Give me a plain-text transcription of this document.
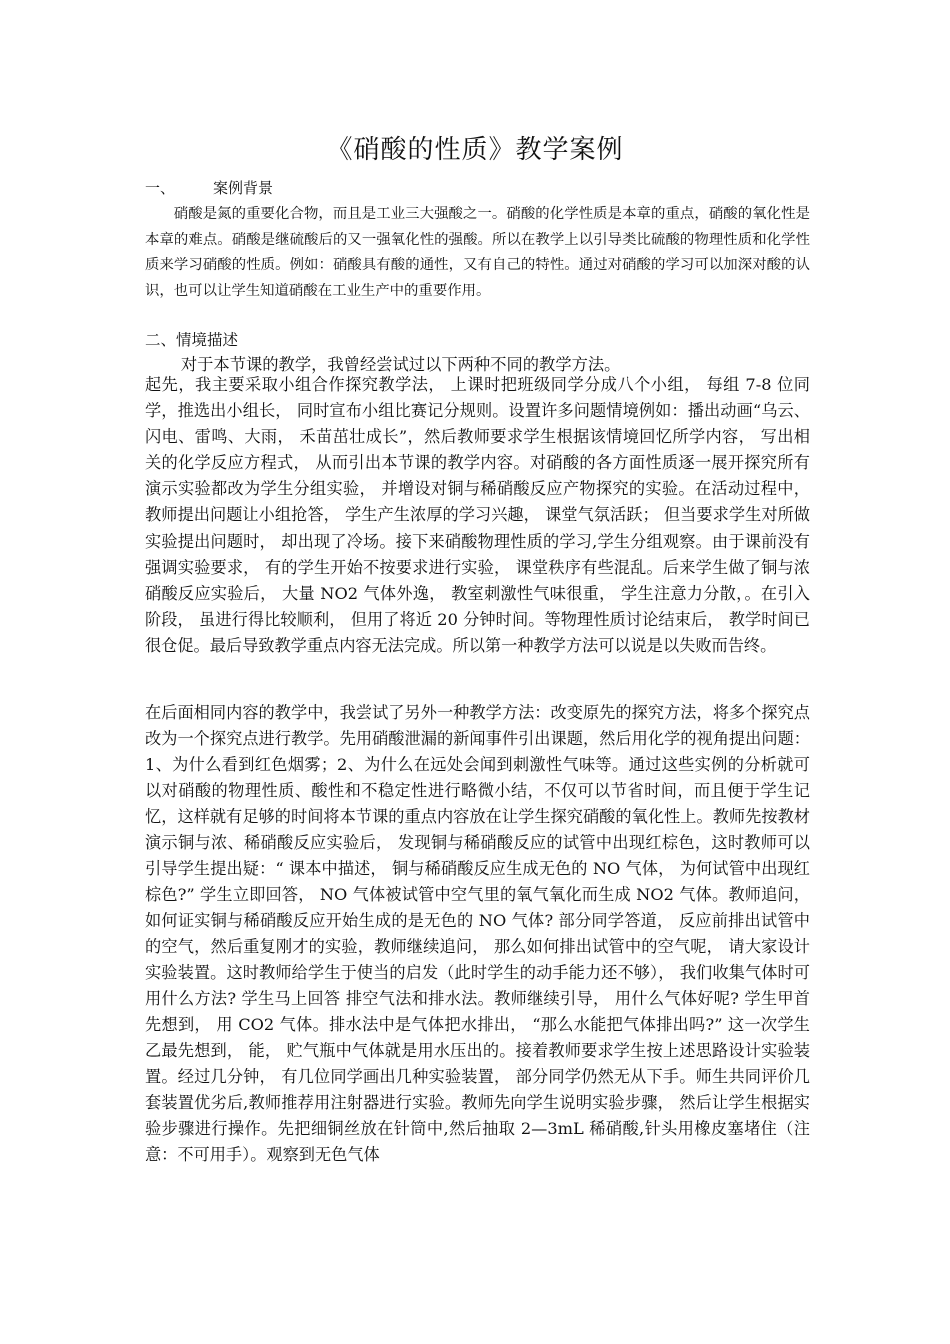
《硝酸的性质》教学案例
一、	案例背景

硝酸是氮的重要化合物，而且是工业三大强酸之一。硝酸的化学性质是本章的重点，硝酸的氧化性是本章的难点。硝酸是继硫酸后的又一强氧化性的强酸。所以在教学上以引导类比硫酸的物理性质和化学性质来学习硝酸的性质。例如：硝酸具有酸的通性，又有自己的特性。通过对硝酸的学习可以加深对酸的认识，也可以让学生知道硝酸在工业生产中的重要作用。

二、情境描述

对于本节课的教学，我曾经尝试过以下两种不同的教学方法。

起先，我主要采取小组合作探究教学法， 上课时把班级同学分成八个小组， 每组 7-8 位同学，推选出小组长， 同时宣布小组比赛记分规则。设置许多问题情境例如：播出动画“乌云、闪电、雷鸣、大雨， 禾苗茁壮成长”，然后教师要求学生根据该情境回忆所学内容， 写出相关的化学反应方程式， 从而引出本节课的教学内容。对硝酸的各方面性质逐一展开探究所有演示实验都改为学生分组实验， 并增设对铜与稀硝酸反应产物探究的实验。在活动过程中， 教师提出问题让小组抢答， 学生产生浓厚的学习兴趣， 课堂气氛活跃； 但当要求学生对所做实验提出问题时， 却出现了冷场。接下来硝酸物理性质的学习,学生分组观察。由于课前没有强调实验要求， 有的学生开始不按要求进行实验， 课堂秩序有些混乱。后来学生做了铜与浓硝酸反应实验后， 大量 NO2 气体外逸， 教室刺激性气味很重， 学生注意力分散，。在引入阶段， 虽进行得比较顺利， 但用了将近 20 分钟时间。等物理性质讨论结束后， 教学时间已很仓促。最后导致教学重点内容无法完成。所以第一种教学方法可以说是以失败而告终。

在后面相同内容的教学中，我尝试了另外一种教学方法：改变原先的探究方法，将多个探究点改为一个探究点进行教学。先用硝酸泄漏的新闻事件引出课题，然后用化学的视角提出问题：1、为什么看到红色烟雾；2、为什么在远处会闻到刺激性气味等。通过这些实例的分析就可以对硝酸的物理性质、酸性和不稳定性进行略微小结，不仅可以节省时间，而且便于学生记忆，这样就有足够的时间将本节课的重点内容放在让学生探究硝酸的氧化性上。教师先按教材演示铜与浓、稀硝酸反应实验后， 发现铜与稀硝酸反应的试管中出现红棕色，这时教师可以引导学生提出疑：“ 课本中描述， 铜与稀硝酸反应生成无色的 NO 气体， 为何试管中出现红棕色?” 学生立即回答， NO 气体被试管中空气里的氧气氧化而生成 NO2 气体。教师追问， 如何证实铜与稀硝酸反应开始生成的是无色的 NO 气体? 部分同学答道， 反应前排出试管中的空气，然后重复刚才的实验，教师继续追问， 那么如何排出试管中的空气呢， 请大家设计实验装置。这时教师给学生于使当的启发（此时学生的动手能力还不够）， 我们收集气体时可用什么方法? 学生马上回答 排空气法和排水法。教师继续引导， 用什么气体好呢? 学生甲首先想到， 用 CO2 气体。排水法中是气体把水排出， “那么水能把气体排出吗?” 这一次学生乙最先想到， 能， 贮气瓶中气体就是用水压出的。接着教师要求学生按上述思路设计实验装置。经过几分钟， 有几位同学画出几种实验装置， 部分同学仍然无从下手。师生共同评价几套装置优劣后,教师推荐用注射器进行实验。教师先向学生说明实验步骤， 然后让学生根据实验步骤进行操作。先把细铜丝放在针筒中,然后抽取 2—3mL 稀硝酸,针头用橡皮塞堵住（注意：不可用手）。观察到无色气体
